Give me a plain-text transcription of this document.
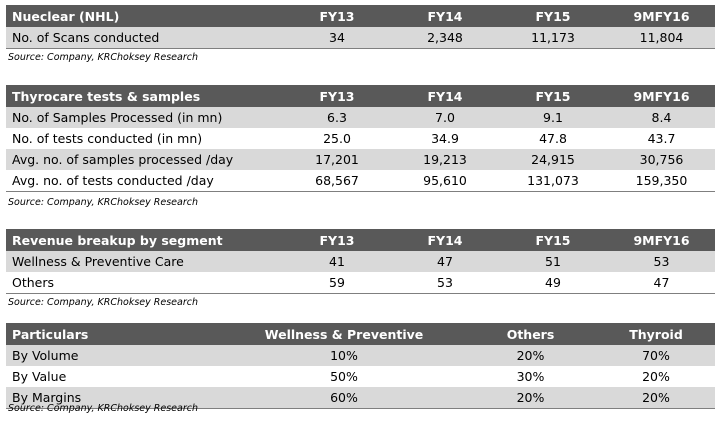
Nueclear (NHL)	FY13	FY14	FY15	9MFY16
No. of Scans conducted	34	2,348	11,173	11,804
Source: Company, KRChoksey Research
Thyrocare tests & samples	FY13	FY14	FY15	9MFY16
No. of Samples Processed (in mn)	6.3	7.0	9.1	8.4
No. of tests conducted (in mn)	25.0	34.9	47.8	43.7
Avg. no. of samples processed /day	17,201	19,213	24,915	30,756
Avg. no. of tests conducted /day	68,567	95,610	131,073	159,350
Source: Company, KRChoksey Research
Revenue breakup by segment	FY13	FY14	FY15	9MFY16
Wellness & Preventive Care	41	47	51	53
Others	59	53	49	47
Source: Company, KRChoksey Research
Particulars	Wellness & Preventive	Others	Thyroid
By Volume	10%	20%	70%
By Value	50%	30%	20%
By Margins	60%	20%	20%
Source: Company, KRChoksey Research
